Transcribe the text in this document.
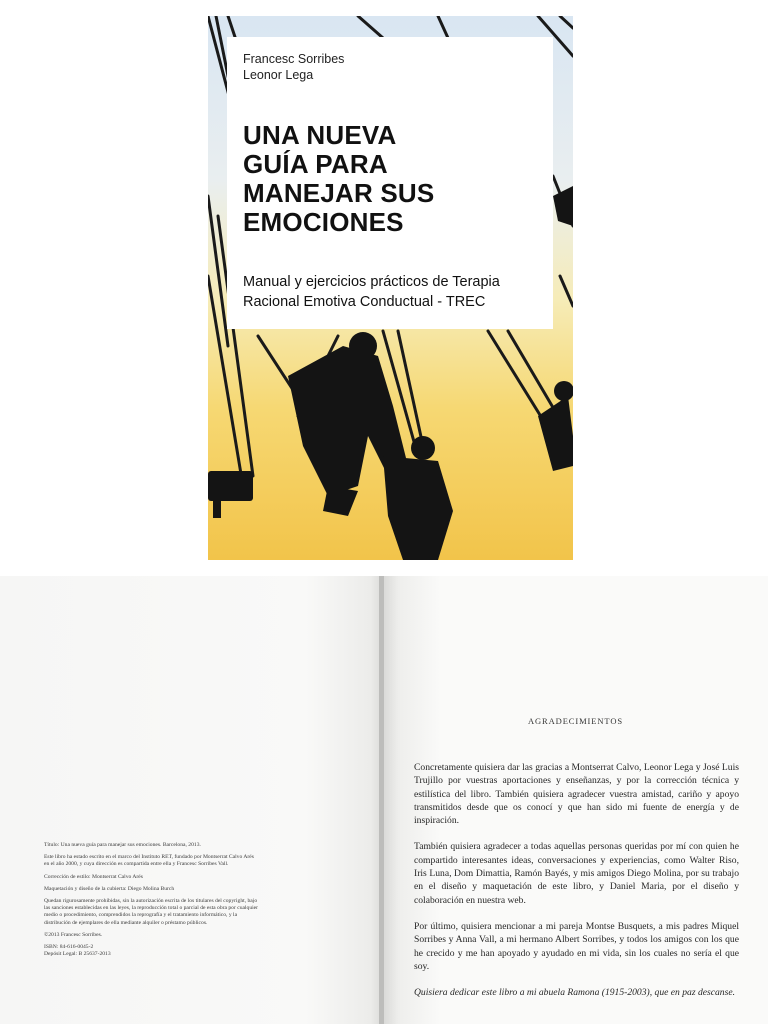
Francesc Sorribes
Leonor Lega
UNA NUEVA
GUÍA PARA
MANEJAR SUS
EMOCIONES
Manual y ejercicios prácticos de Terapia
Racional Emotiva Conductual - TREC

Título: Una nueva guía para manejar sus emociones. Barcelona, 2013.

Este libro ha estado escrito en el marco del Instituto RET, fundado por Montserrat Calvo Arés en el año 2000, y cuya dirección es compartida entre ella y Francesc Sorribes Vall.

Corrección de estilo: Montserrat Calvo Arés

Maquetación y diseño de la cubierta: Diego Molina Burch

Quedan rigurosamente prohibidas, sin la autorización escrita de los titulares del copyright, bajo las sanciones establecidas en las leyes, la reproducción total o parcial de esta obra por cualquier medio o procedimiento, comprendidos la reprografía y el tratamiento informático, y la distribución de ejemplares de ella mediante alquiler o préstamo públicos.

©2013 Francesc Sorribes.

ISBN: 84-616-0045-2

Depósit Legal: B 25637-2013

AGRADECIMIENTOS

Concretamente quisiera dar las gracias a Montserrat Calvo, Leonor Lega y José Luis Trujillo por vuestras aportaciones y enseñanzas, y por la corrección técnica y estilística del libro. También quisiera agradecer vuestra amistad, cariño y apoyo transmitidos desde que os conocí y que han sido mi fuente de energía y de inspiración.

También quisiera agradecer a todas aquellas personas queridas por mí con quien he compartido interesantes ideas, conversaciones y experiencias, como Walter Riso, Iris Luna, Dom Dimattia, Ramón Bayés, y mis amigos Diego Molina, por su trabajo en el diseño y maquetación de este libro, y Daniel Maria, por el diseño y colaboración en nuestra web.

Por último, quisiera mencionar a mi pareja Montse Busquets, a mis padres Miquel Sorribes y Anna Vall, a mi hermano Albert Sorribes, y todos los amigos con los que he crecido y me han apoyado y ayudado en mi vida, sin los cuales no sería el que soy.

Quisiera dedicar este libro a mi abuela Ramona (1915-2003), que en paz descanse.
